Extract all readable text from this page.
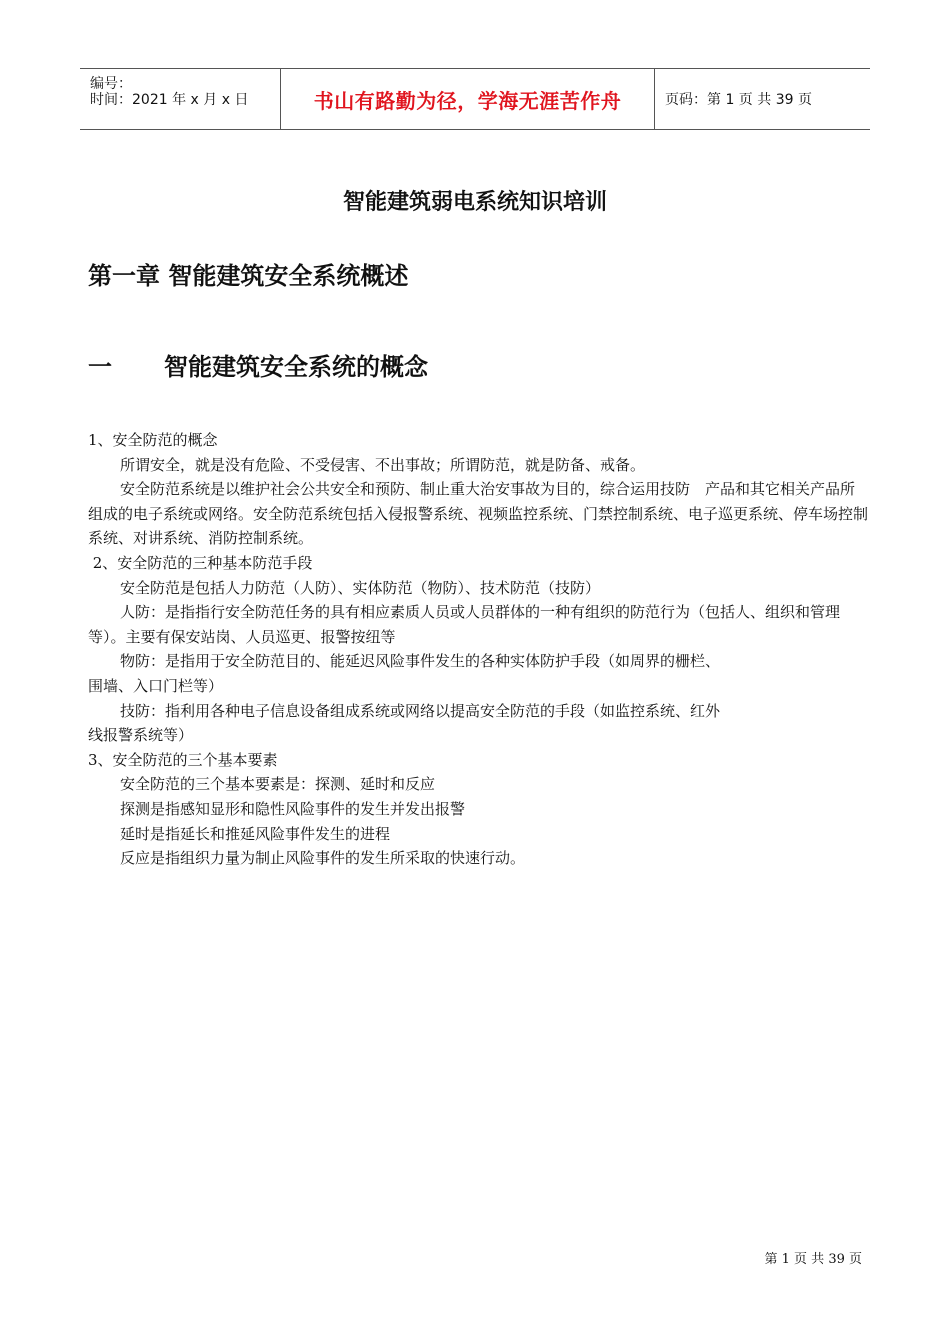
编号：
时间：2021 年 x 月 x 日	书山有路勤为径，学海无涯苦作舟	页码：第 1 页 共 39 页
智能建筑弱电系统知识培训
第一章 智能建筑安全系统概述
一	智能建筑安全系统的概念

1、安全防范的概念

所谓安全，就是没有危险、不受侵害、不出事故；所谓防范，就是防备、戒备。

安全防范系统是以维护社会公共安全和预防、制止重大治安事故为目的，综合运用技防　产品和其它相关产品所组成的电子系统或网络。安全防范系统包括入侵报警系统、视频监控系统、门禁控制系统、电子巡更系统、停车场控制系统、对讲系统、消防控制系统。

2、安全防范的三种基本防范手段

安全防范是包括人力防范（人防）、实体防范（物防）、技术防范（技防）

人防：是指指行安全防范任务的具有相应素质人员或人员群体的一种有组织的防范行为（包括人、组织和管理等）。主要有保安站岗、人员巡更、报警按纽等

物防：是指用于安全防范目的、能延迟风险事件发生的各种实体防护手段（如周界的栅栏、

围墙、入口门栏等）

技防：指利用各种电子信息设备组成系统或网络以提高安全防范的手段（如监控系统、红外

线报警系统等）

3、安全防范的三个基本要素

安全防范的三个基本要素是：探测、延时和反应

探测是指感知显形和隐性风险事件的发生并发出报警

延时是指延长和推延风险事件发生的进程

反应是指组织力量为制止风险事件的发生所采取的快速行动。

第 1 页 共 39 页
